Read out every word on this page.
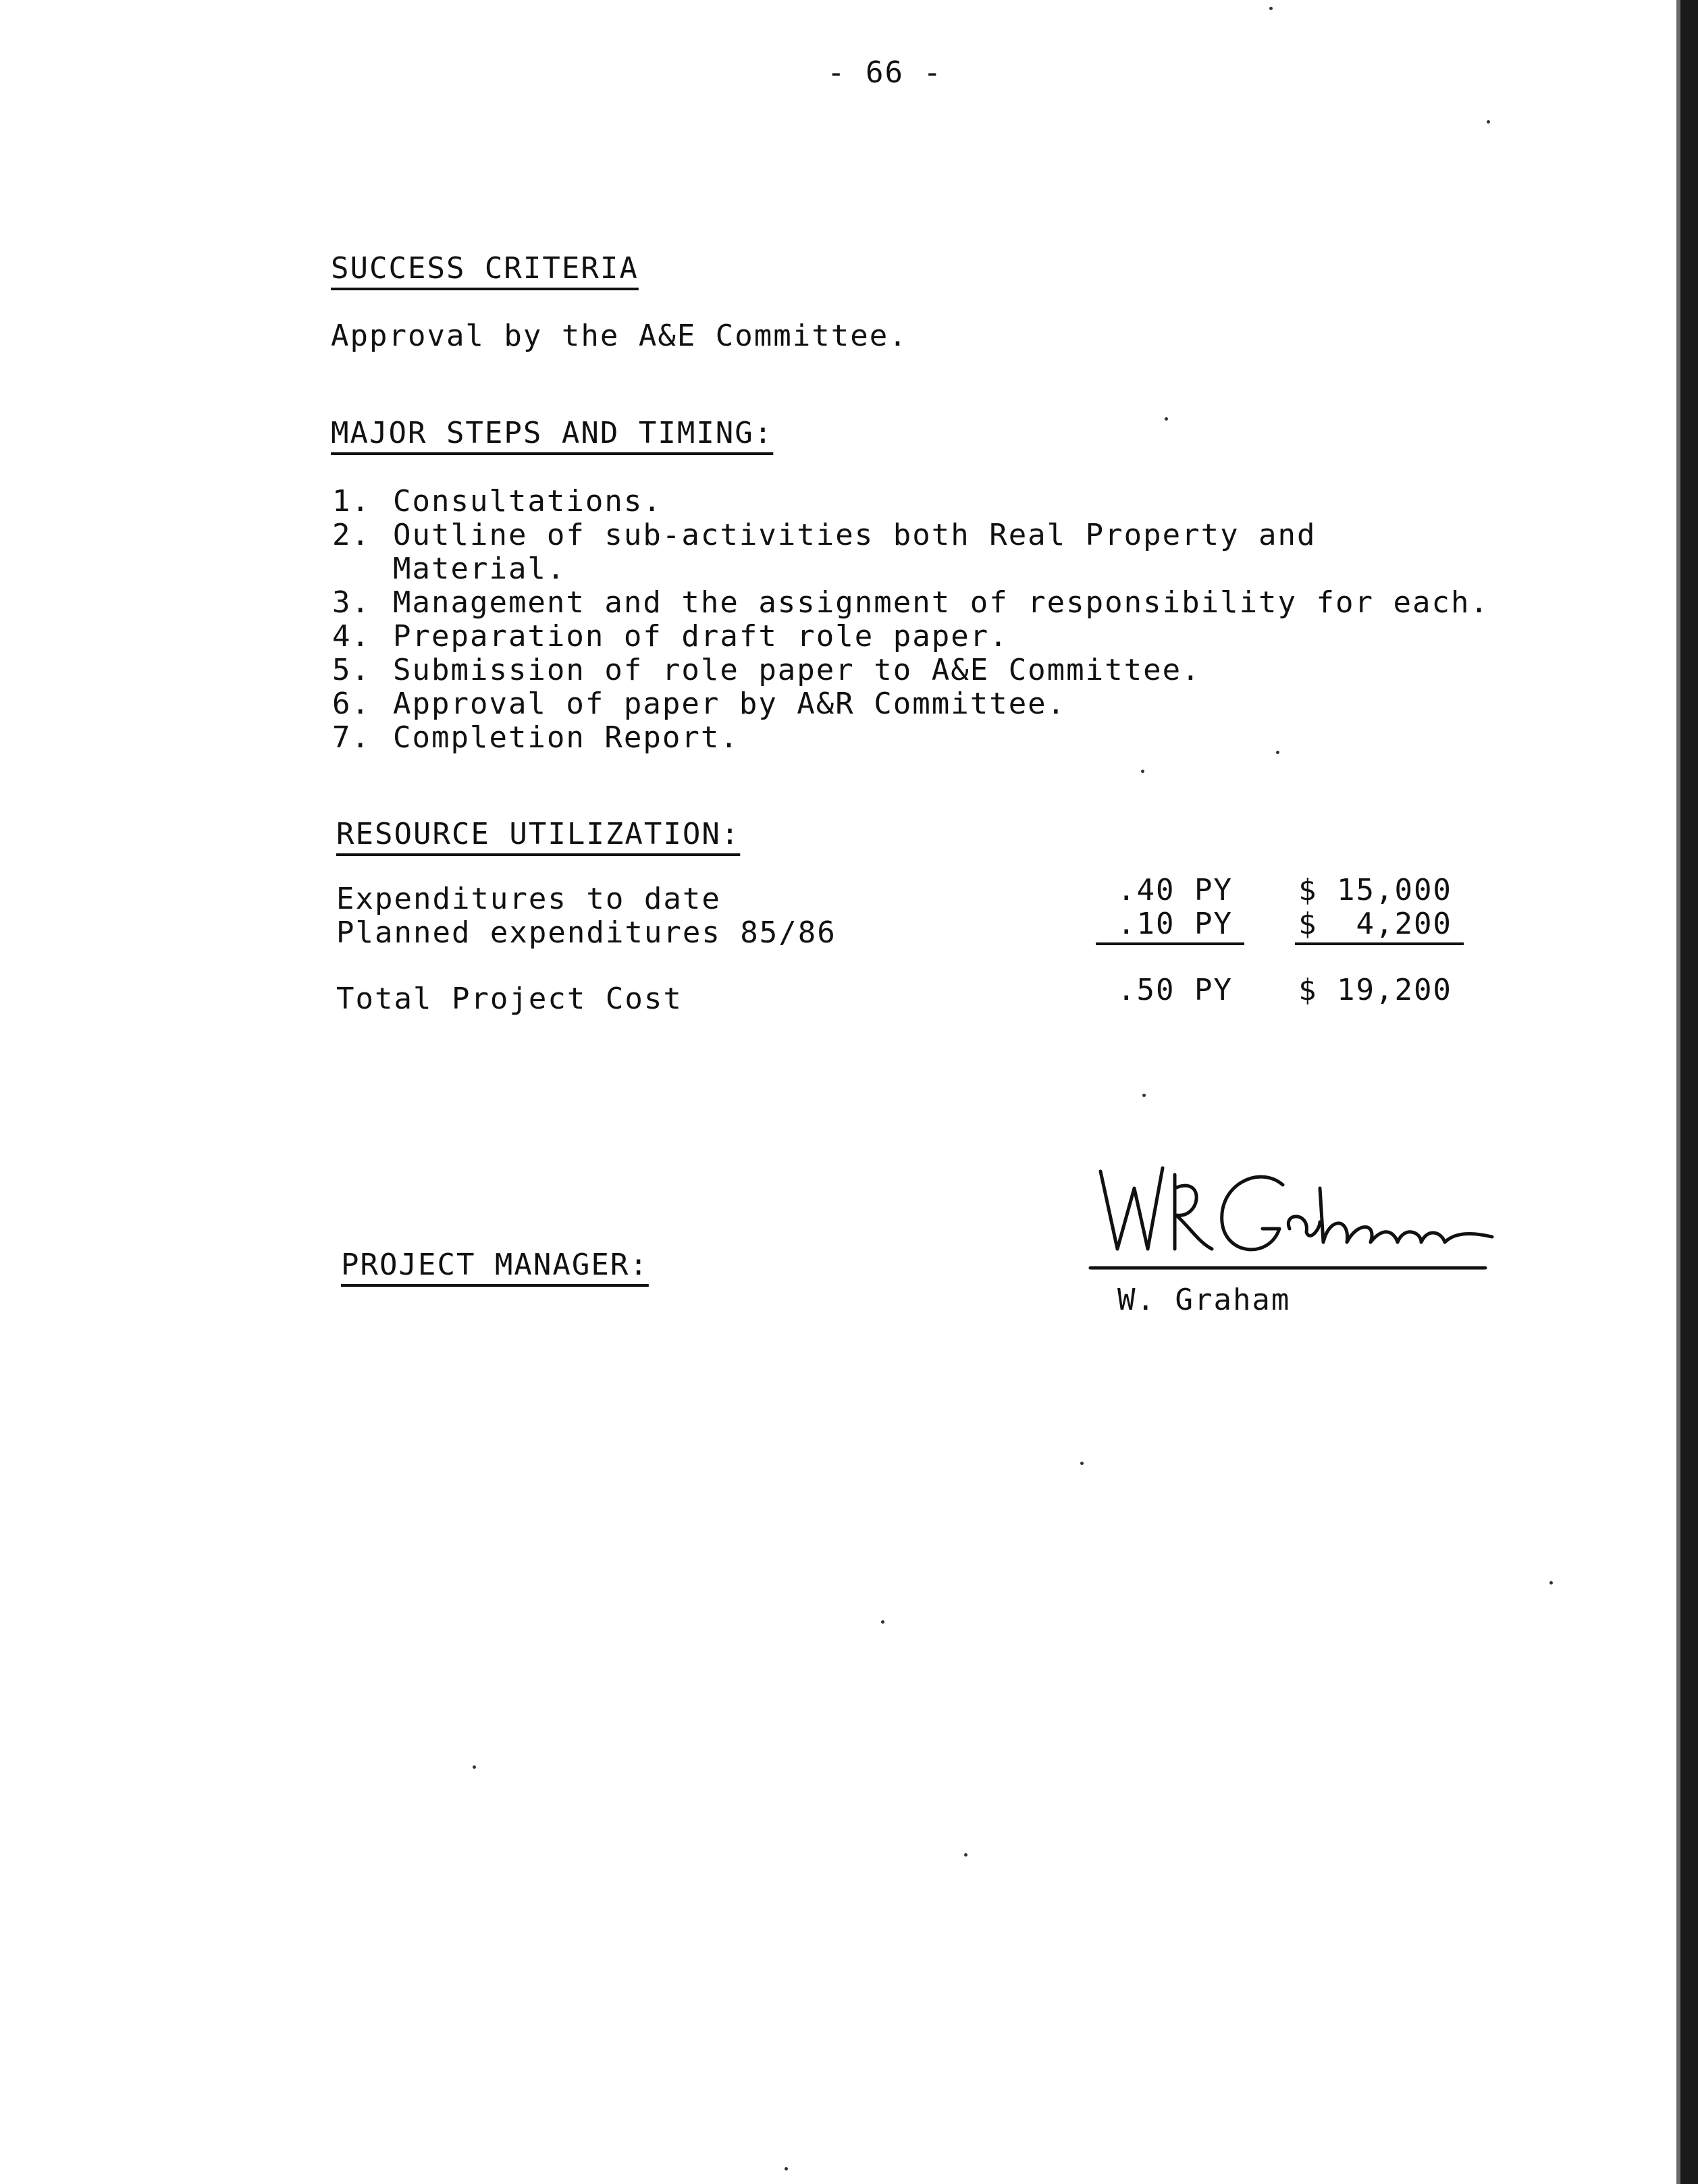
- 66 -
SUCCESS CRITERIA
Approval by the A&E Committee.
MAJOR STEPS AND TIMING:
1. Consultations.
2. Outline of sub-activities both Real Property and
Material.
3. Management and the assignment of responsibility for each.
4. Preparation of draft role paper.
5. Submission of role paper to A&E Committee.
6. Approval of paper by A&R Committee.
7. Completion Report.
RESOURCE UTILIZATION:
Expenditures to date	.40 PY $ 15,000
Planned expenditures 85/86	.10 PY $  4,200
Total Project Cost	.50 PY $ 19,200
PROJECT MANAGER:
W. Graham
